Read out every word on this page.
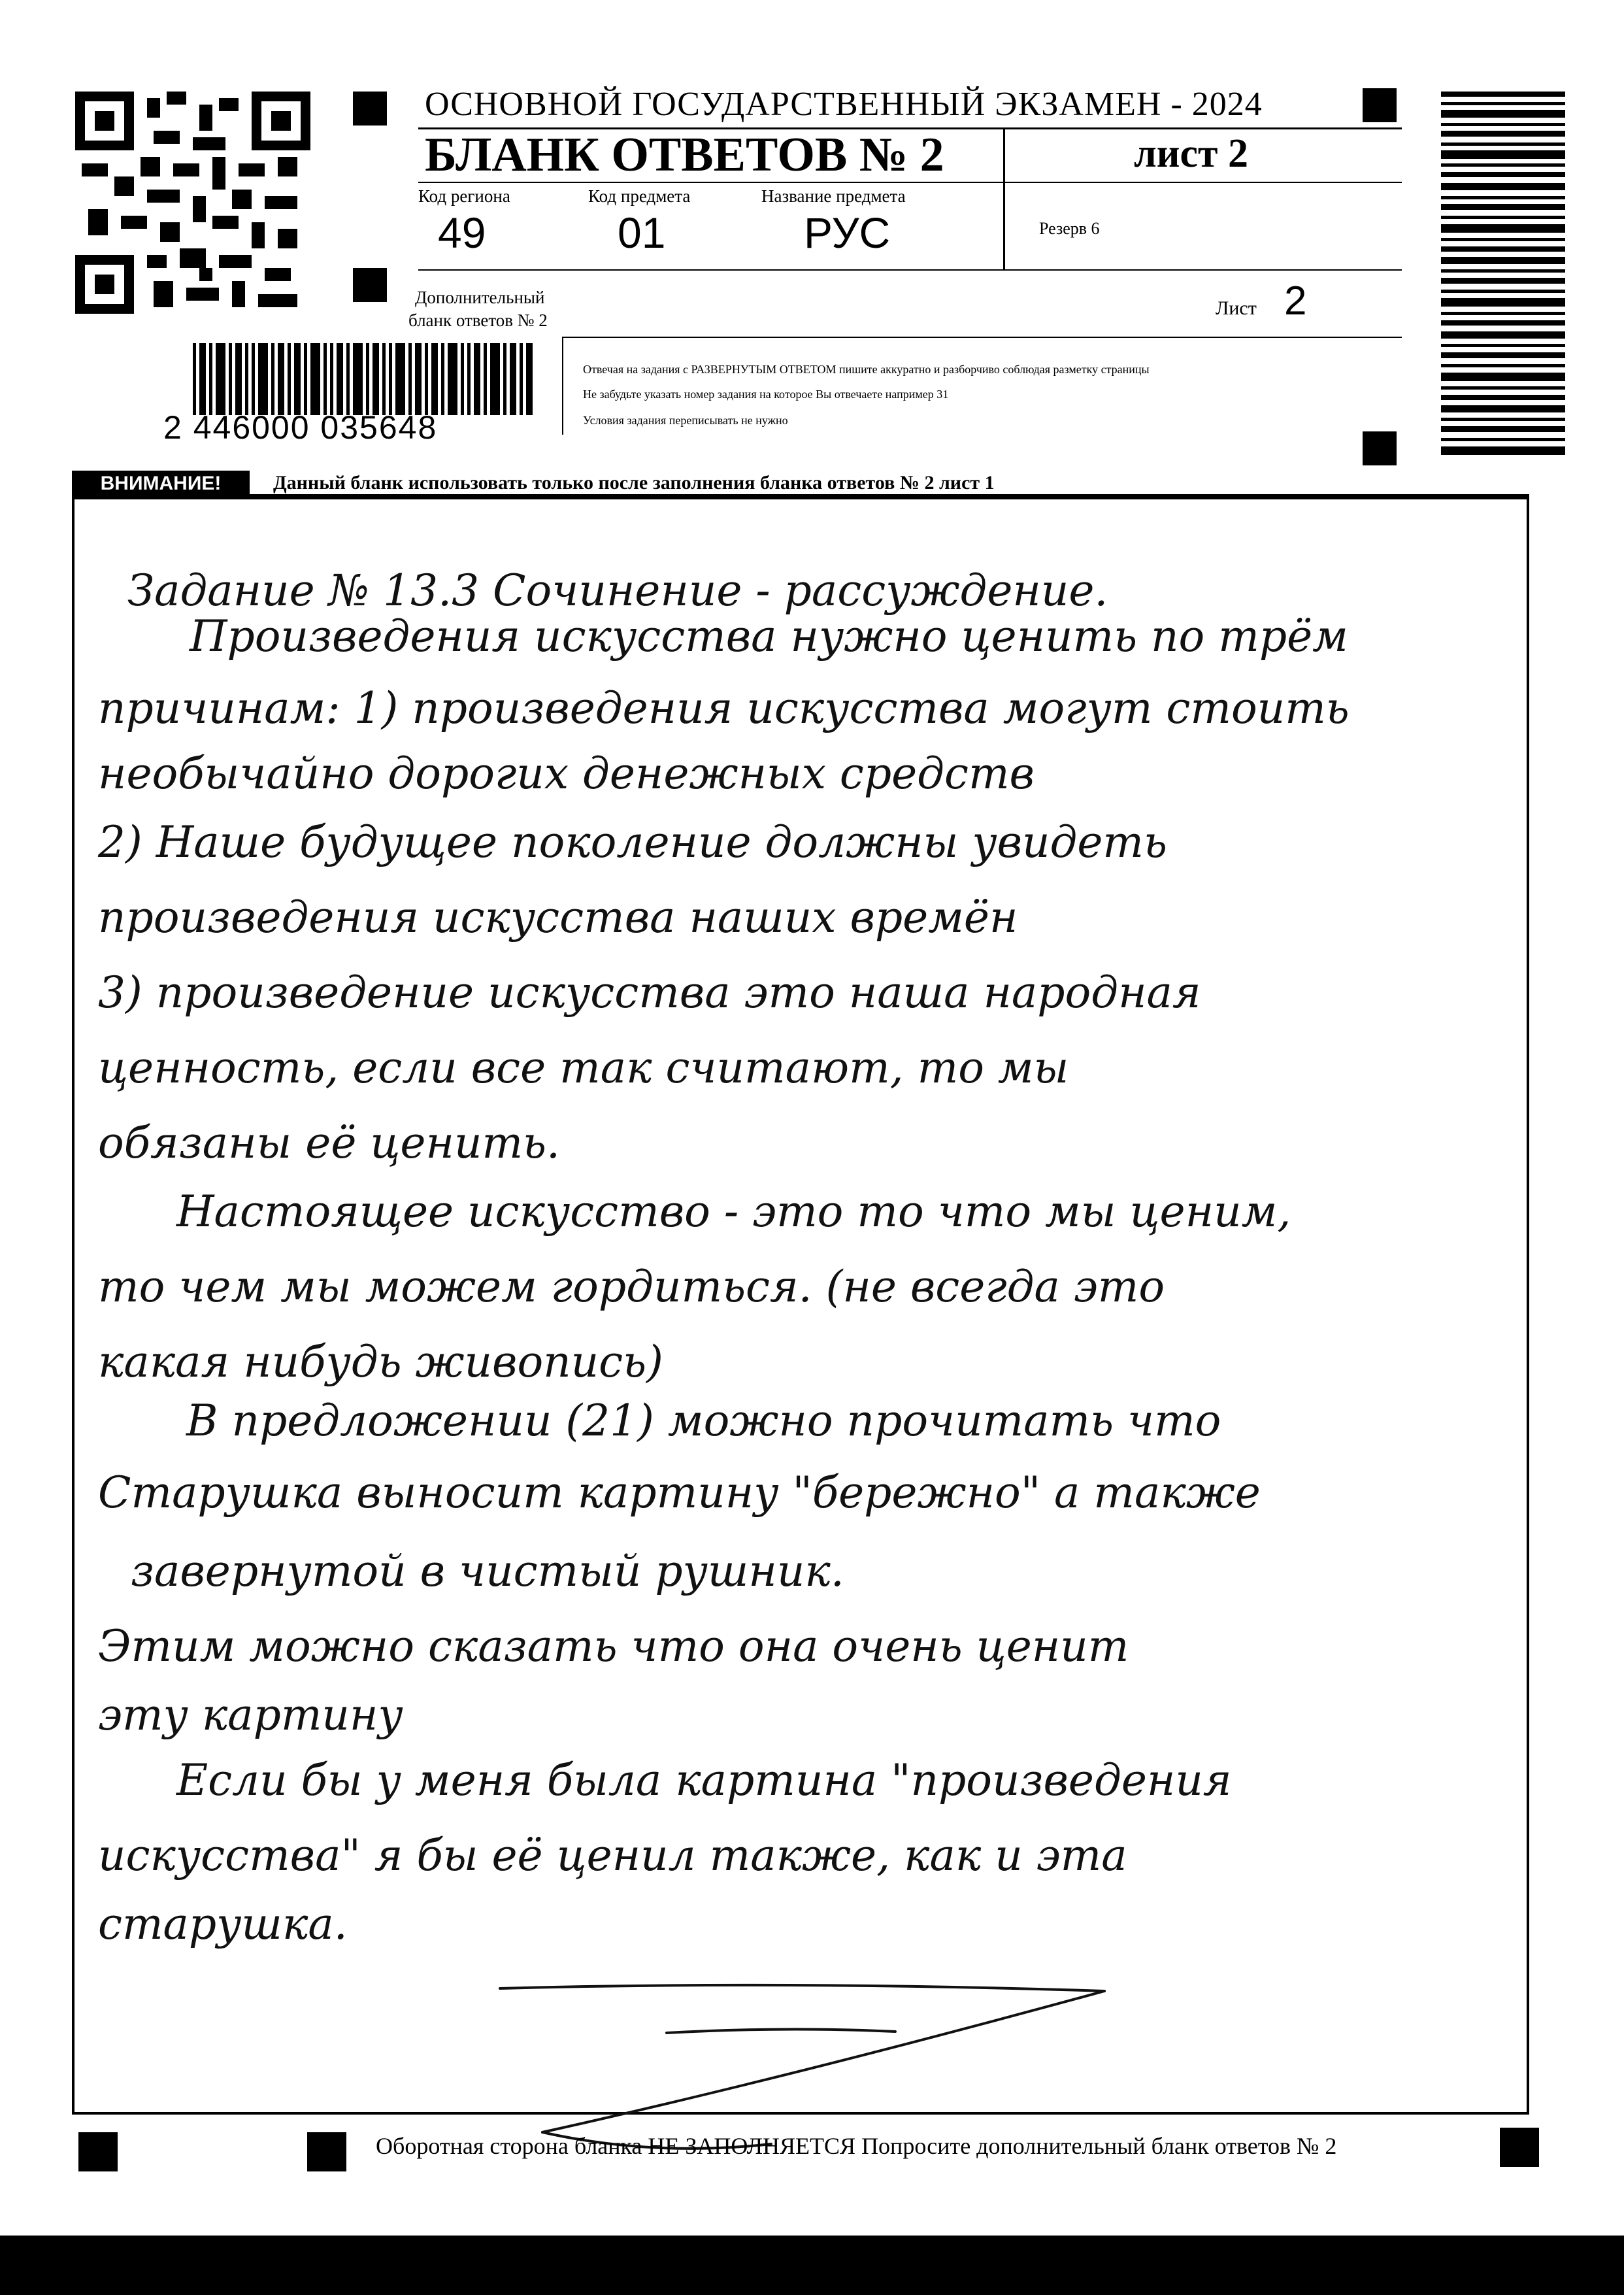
ОСНОВНОЙ ГОСУДАРСТВЕННЫЙ ЭКЗАМЕН - 2024
БЛАНК ОТВЕТОВ № 2	лист 2
Код региона
49
Код предмета
01
Название предмета
РУС	Резерв 6
Дополнительный
бланк ответов № 2
Лист 2
2 446000 035648
Отвечая на задания с РАЗВЕРНУТЫМ ОТВЕТОМ пишите аккуратно и разборчиво соблюдая разметку страницы
Не забудьте указать номер задания на которое Вы отвечаете например 31
Условия задания переписывать не нужно
ВНИМАНИЕ!	Данный бланк использовать только после заполнения бланка ответов № 2 лист 1
Задание № 13.3 Сочинение - рассуждение.
Произведения искусства нужно ценить по трём
причинам: 1) произведения искусства могут стоить
необычайно дорогих денежных средств
2) Наше будущее поколение должны увидеть
произведения искусства наших времён
3) произведение искусства это наша народная
ценность, если все так считают, то мы
обязаны её ценить.
Настоящее искусство - это то что мы ценим,
то чем мы можем гордиться. (не всегда это
какая нибудь живопись)
В предложении (21) можно прочитать что
Старушка выносит картину "бережно" а также
завернутой в чистый рушник.
Этим можно сказать что она очень ценит
эту картину
Если бы у меня была картина "произведения
искусства" я бы её ценил также, как и эта
старушка.
Оборотная сторона бланка НЕ ЗАПОЛНЯЕТСЯ Попросите дополнительный бланк ответов № 2
